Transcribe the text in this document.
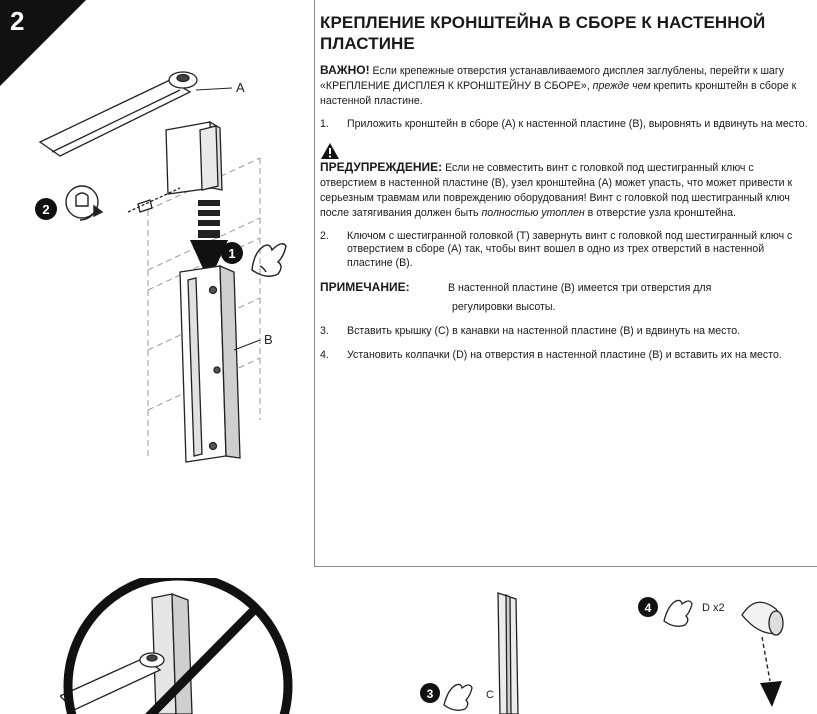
2
A
B
2
1
КРЕПЛЕНИЕ КРОНШТЕЙНА В СБОРЕ К НАСТЕННОЙ ПЛАСТИНЕ
ВАЖНО! Если крепежные отверстия устанавливаемого дисплея заглублены, перейти к шагу «КРЕПЛЕНИЕ ДИСПЛЕЯ К КРОНШТЕЙНУ В СБОРЕ», прежде чем крепить кронштейн в сборе к настенной пластине.
1.	Приложить кронштейн в сборе (А) к настенной пластине (В), выровнять и вдвинуть на место.
ПРЕДУПРЕЖДЕНИЕ: Если не совместить винт с головкой под шестигранный ключ с отверстием в настенной пластине (В), узел кронштейна (А) может упасть, что может привести к серьезным травмам или повреждению оборудования! Винт с головкой под шестигранный ключ после затягивания должен быть полностью утоплен в отверстие узла кронштейна.
2.	Ключом с шестигранной головкой (Т) завернуть винт с головкой под шестигранный ключ с отверстием в сборе (А) так, чтобы винт вошел в одно из трех отверстий в настенной пластине (В).
ПРИМЕЧАНИЕ:	В настенной пластине (В) имеется три отверстия для
регулировки высоты.
3.	Вставить крышку (С) в канавки на настенной пластине (В) и вдвинуть на место.
4.	Установить колпачки (D) на отверстия в настенной пластине (В) и вставить их на место.
3	C
4	D x2
